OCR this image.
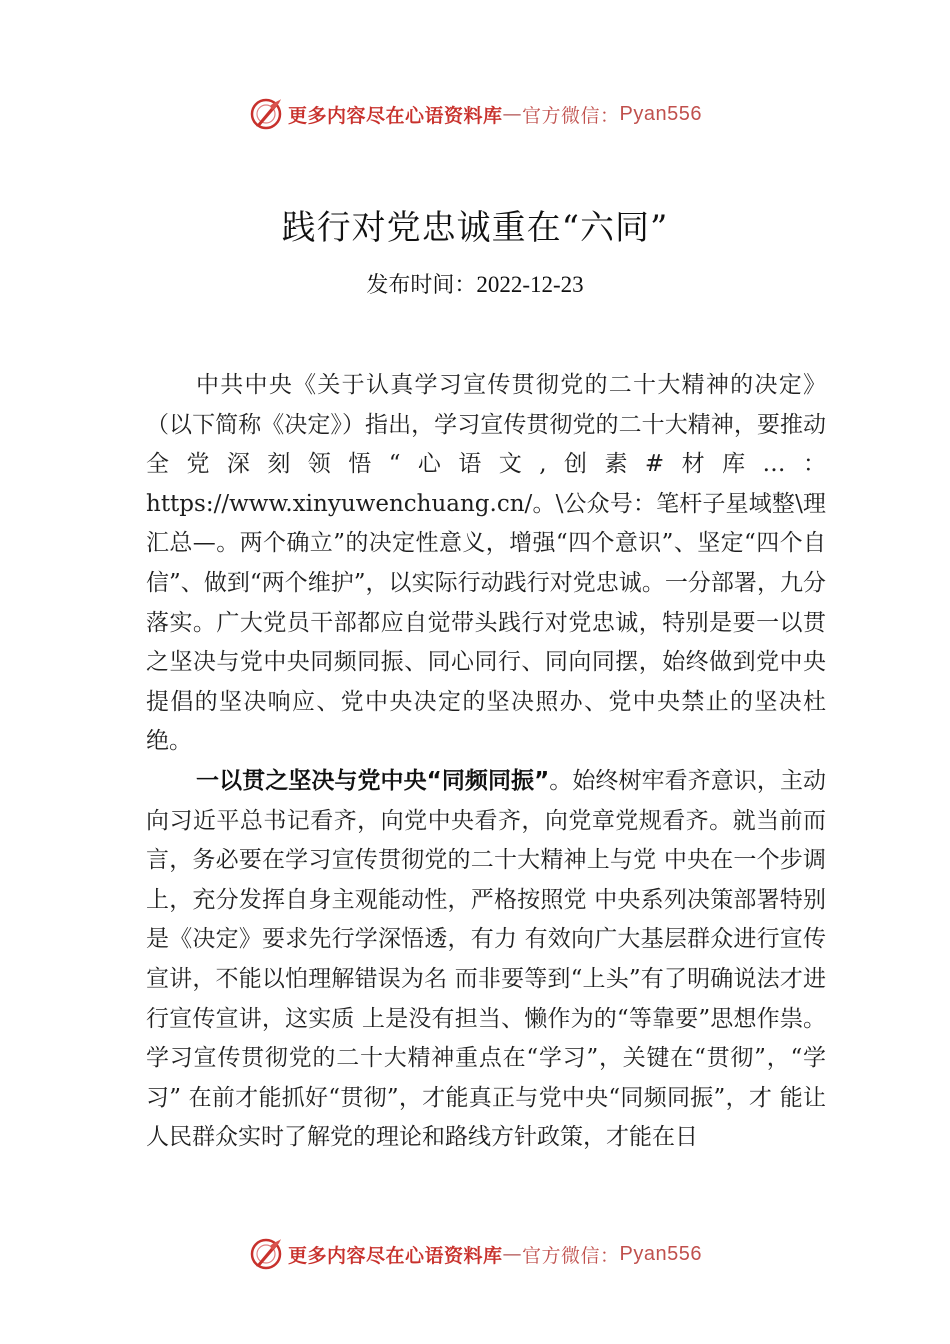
更多内容尽在心语资料库 — 官方微信： Pyan556
践行对党忠诚重在“六同”
发布时间：2022-12-23

中共中央《关于认真学习宣传贯彻党的二十大精神的决定》（以下简称《决定》）指出，学习宣传贯彻党的二十大精神，要推动全党深刻领悟“心语文,创素#材库…：https://www.xinyuwenchuang.cn/。\公众号：笔杆子星域整\理汇总—。两个确立”的决定性意义，增强“四个意识”、坚定“四个自信”、做到“两个维护”，以实际行动践行对党忠诚。一分部署，九分落实。广大党员干部都应自觉带头践行对党忠诚，特别是要一以贯之坚决与党中央同频同振、同心同行、同向同摆，始终做到党中央提倡的坚决响应、党中央决定的坚决照办、党中央禁止的坚决杜绝。

一以贯之坚决与党中央“同频同振”。始终树牢看齐意识，主动向习近平总书记看齐，向党中央看齐，向党章党规看齐。就当前而言，务必要在学习宣传贯彻党的二十大精神上与党 中央在一个步调上，充分发挥自身主观能动性，严格按照党 中央系列决策部署特别是《决定》要求先行学深悟透，有力 有效向广大基层群众进行宣传宣讲，不能以怕理解错误为名 而非要等到“上头”有了明确说法才进行宣传宣讲，这实质 上是没有担当、懒作为的“等靠要”思想作祟。学习宣传贯彻党的二十大精神重点在“学习”，关键在“贯彻”，“学习” 在前才能抓好“贯彻”，才能真正与党中央“同频同振”，才 能让人民群众实时了解党的理论和路线方针政策，才能在日

更多内容尽在心语资料库 — 官方微信： Pyan556
